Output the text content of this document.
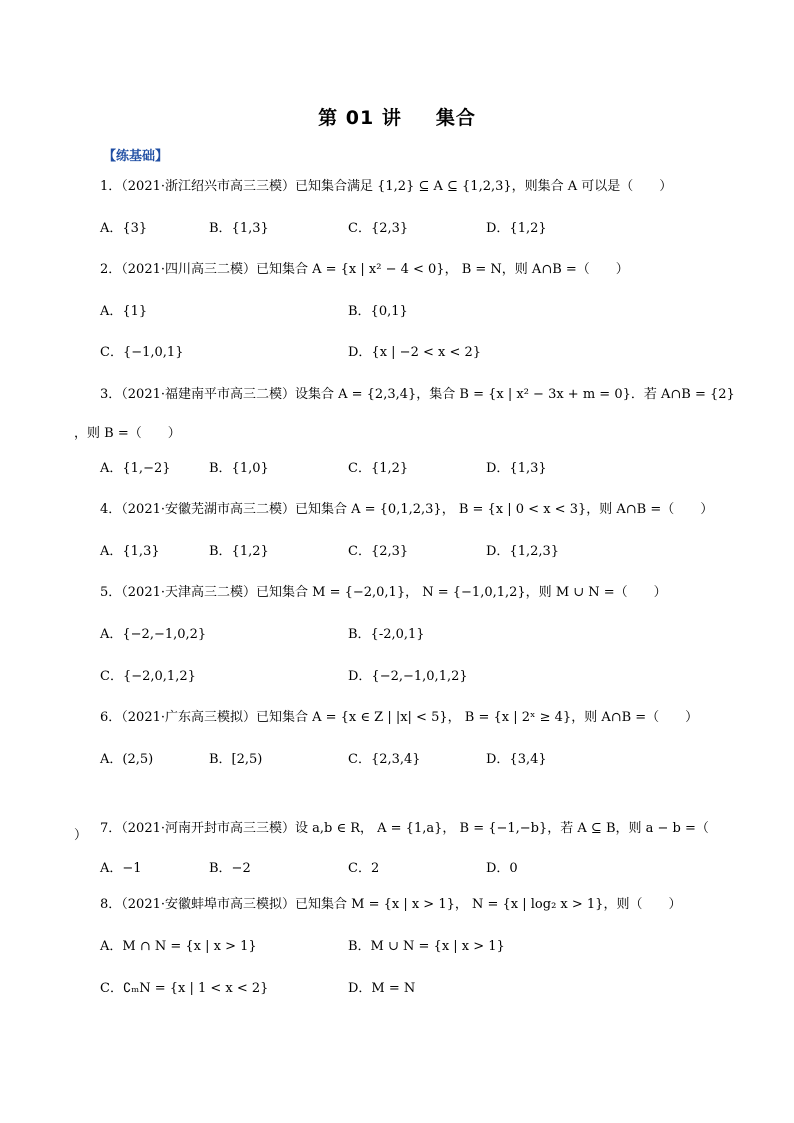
第 01 讲 集合
【练基础】
1．（2021·浙江绍兴市高三三模）已知集合满足 {1,2} ⊆ A ⊆ {1,2,3}，则集合 A 可以是（　　）
A．{3}	B．{1,3}	C．{2,3}	D．{1,2}
2．（2021·四川高三二模）已知集合 A = {x | x² − 4 < 0}， B = N，则 A∩B =（　　）
A．{1}	B．{0,1}
C．{−1,0,1}	D．{x | −2 < x < 2}
3．（2021·福建南平市高三二模）设集合 A = {2,3,4}，集合 B = {x | x² − 3x + m = 0}．若 A∩B = {2}
，则 B =（　　）
A．{1,−2}	B．{1,0}	C．{1,2}	D．{1,3}
4．（2021·安徽芜湖市高三二模）已知集合 A = {0,1,2,3}， B = {x | 0 < x < 3}，则 A∩B =（　　）
A．{1,3}	B．{1,2}	C．{2,3}	D．{1,2,3}
5．（2021·天津高三二模）已知集合 M = {−2,0,1}， N = {−1,0,1,2}，则 M ∪ N =（　　）
A．{−2,−1,0,2}	B．{-2,0,1}
C．{−2,0,1,2}	D．{−2,−1,0,1,2}
6．（2021·广东高三模拟）已知集合 A = {x ∈ Z | |x| < 5}， B = {x | 2ˣ ≥ 4}，则 A∩B =（　　）
A．(2,5)	B．[2,5)	C．{2,3,4}	D．{3,4}
7．（2021·河南开封市高三三模）设 a,b ∈ R， A = {1,a}， B = {−1,−b}，若 A ⊆ B，则 a − b =（
）
A．−1	B．−2	C．2	D．0
8．（2021·安徽蚌埠市高三模拟）已知集合 M = {x | x > 1}， N = {x | log₂ x > 1}，则（　　）
A．M ∩ N = {x | x > 1}	B．M ∪ N = {x | x > 1}
C．∁ₘN = {x | 1 < x < 2}	D．M = N
